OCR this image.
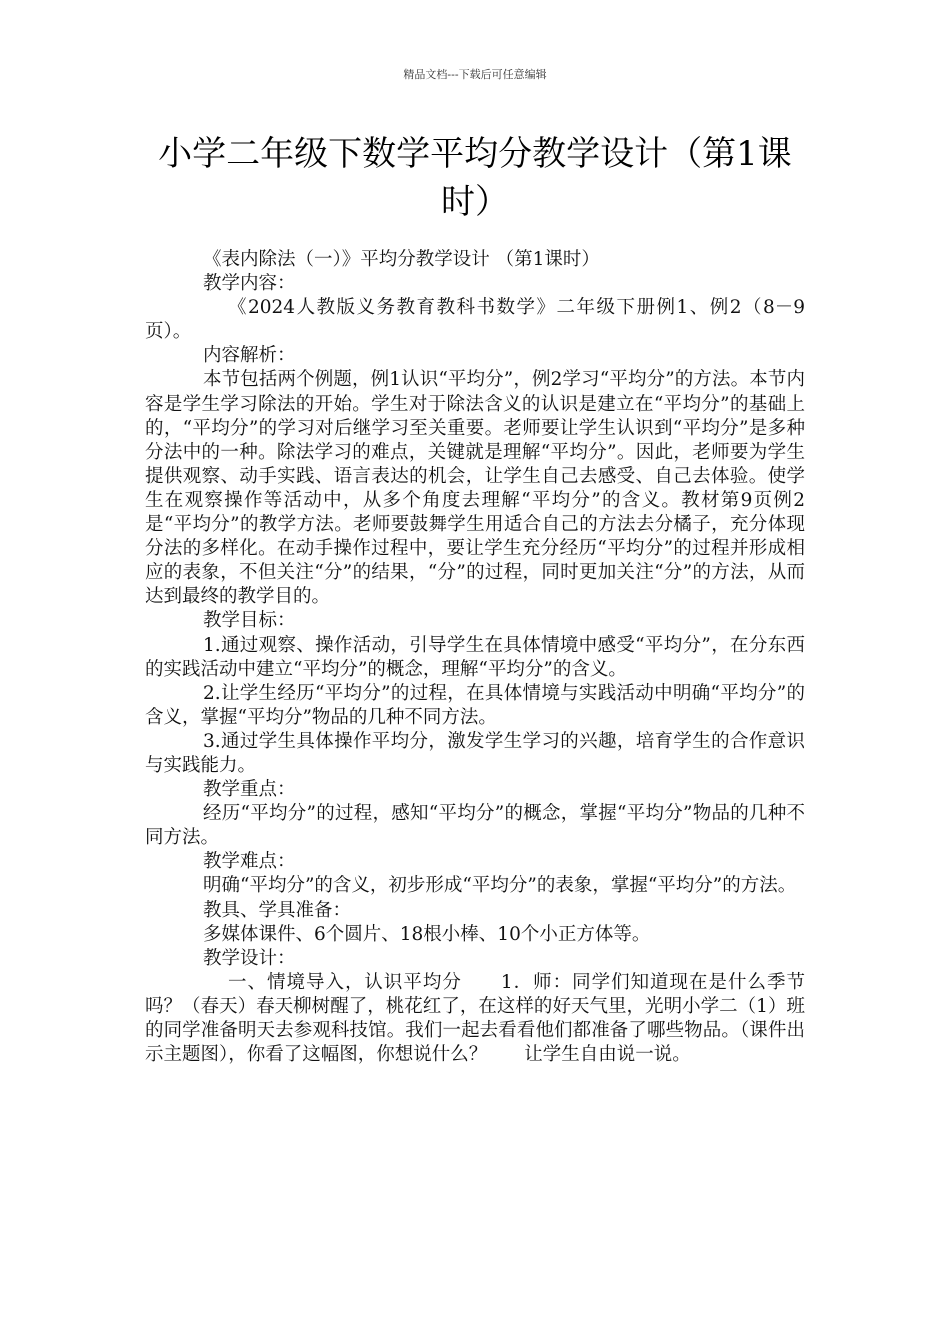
精品文档---下载后可任意编辑
小学二年级下数学平均分教学设计（第1课时）

《表内除法（一）》平均分教学设计 （第1课时）

教学内容：

《2024人教版义务教育教科书数学》二年级下册例1、例2（8－9页）。

内容解析：

本节包括两个例题，例1认识“平均分”，例2学习“平均分”的方法。本节内容是学生学习除法的开始。学生对于除法含义的认识是建立在“平均分”的基础上的，“平均分”的学习对后继学习至关重要。老师要让学生认识到“平均分”是多种分法中的一种。除法学习的难点，关键就是理解“平均分”。因此，老师要为学生提供观察、动手实践、语言表达的机会，让学生自己去感受、自己去体验。使学生在观察操作等活动中，从多个角度去理解“平均分”的含义。教材第9页例2是“平均分”的教学方法。老师要鼓舞学生用适合自己的方法去分橘子，充分体现分法的多样化。在动手操作过程中，要让学生充分经历“平均分”的过程并形成相应的表象，不但关注“分”的结果，“分”的过程，同时更加关注“分”的方法，从而达到最终的教学目的。

教学目标：

1.通过观察、操作活动，引导学生在具体情境中感受“平均分”，在分东西的实践活动中建立“平均分”的概念，理解“平均分”的含义。

2.让学生经历“平均分”的过程，在具体情境与实践活动中明确“平均分”的含义，掌握“平均分”物品的几种不同方法。

3.通过学生具体操作平均分，激发学生学习的兴趣，培育学生的合作意识与实践能力。

教学重点：

经历“平均分”的过程，感知“平均分”的概念，掌握“平均分”物品的几种不同方法。

教学难点：

明确“平均分”的含义，初步形成“平均分”的表象，掌握“平均分”的方法。

教具、学具准备：

多媒体课件、6个圆片、18根小棒、10个小正方体等。

教学设计：

一、情境导入，认识平均分　　1．师：同学们知道现在是什么季节吗？（春天）春天柳树醒了，桃花红了，在这样的好天气里，光明小学二（1）班的同学准备明天去参观科技馆。我们一起去看看他们都准备了哪些物品。（课件出示主题图），你看了这幅图，你想说什么？　　让学生自由说一说。
